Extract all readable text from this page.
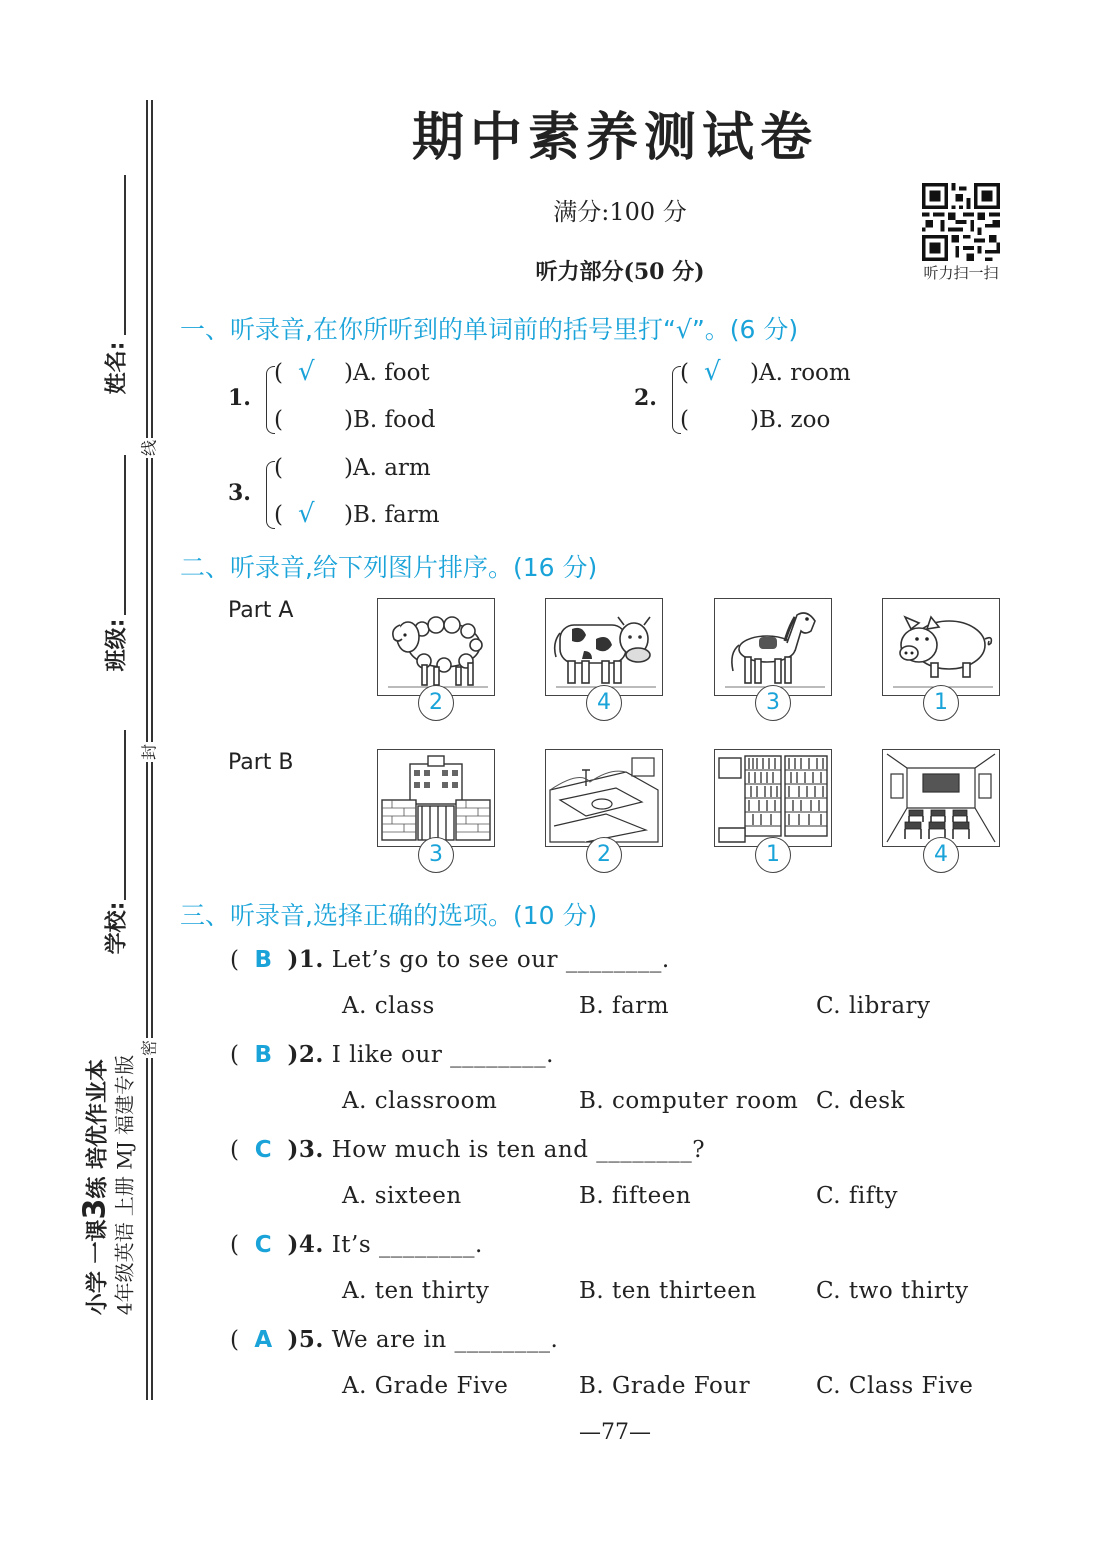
姓名:
班级:
学校:
线
封
密
小学 一课3练 培优作业本 4年级英语 上册 MJ 福建专版
期中素养测试卷
满分:100 分
听力部分(50 分)	听力扫一扫
一、听录音,在你所听到的单词前的括号里打“√”。(6 分)
1.
( √ )A. foot
(	)B. food
2.
( √ )A. room
(	)B. zoo
3.
(	)A. arm
( √ )B. farm
二、听录音,给下列图片排序。(16 分)
Part A
2	4	3	1
Part B
3	2	1	4
三、听录音,选择正确的选项。(10 分)
( B )1. Let’s go to see our ________.
A. class	B. farm	C. library
( B )2. I like our ________.
A. classroom	B. computer room C. desk
( C )3. How much is ten and ________?
A. sixteen	B. fifteen	C. fifty
( C )4. It’s ________.
A. ten thirty	B. ten thirteen	C. two thirty
( A )5. We are in ________.
A. Grade Five	B. Grade Four	C. Class Five
—77—
